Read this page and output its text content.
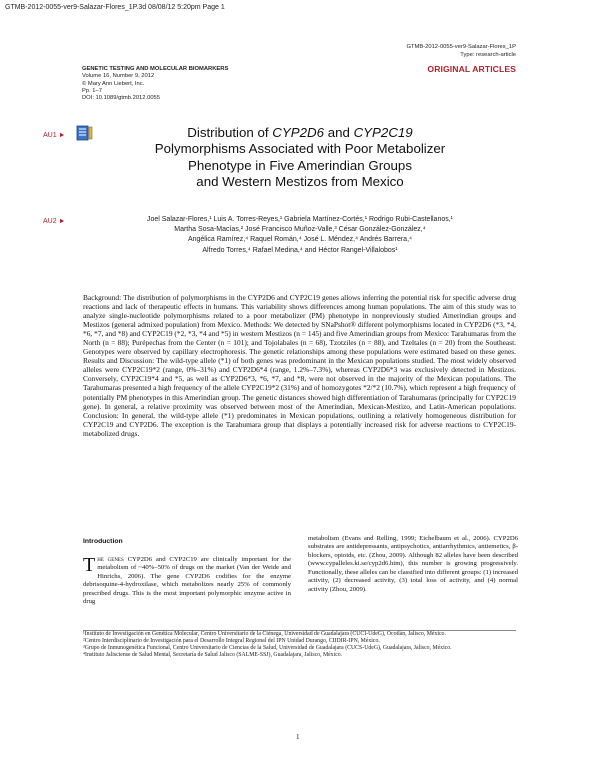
GTMB-2012-0055-ver9-Salazar-Flores_1P.3d 08/08/12 5:20pm Page 1
GTMB-2012-0055-ver9-Salazar-Flores_1P
Type: research-article
ORIGINAL ARTICLES
GENETIC TESTING AND MOLECULAR BIOMARKERS
Volume 16, Number 9, 2012
© Mary Ann Liebert, Inc.
Pp. 1–7
DOI: 10.1089/gtmb.2012.0055
AU1 ►	Distribution of CYP2D6 and CYP2C19
Polymorphisms Associated with Poor Metabolizer
Phenotype in Five Amerindian Groups
and Western Mestizos from Mexico
AU2 ►	Joel Salazar-Flores,¹ Luis A. Torres-Reyes,¹ Gabriela Martínez-Cortés,¹ Rodrigo Rubi-Castellanos,¹
Martha Sosa-Macías,² José Francisco Muñoz-Valle,³ César González-González,⁴
Angélica Ramírez,⁴ Raquel Román,⁴ José L. Méndez,⁴ Andrés Barrera,⁴
Alfredo Torres,⁴ Rafael Medina,⁴ and Héctor Rangel-Villalobos¹
Background: The distribution of polymorphisms in the CYP2D6 and CYP2C19 genes allows inferring the potential risk for specific adverse drug reactions and lack of therapeutic effects in humans. This variability shows differences among human populations. The aim of this study was to analyze single-nucleotide polymorphisms related to a poor metabolizer (PM) phenotype in nonpreviously studied Amerindian groups and Mestizos (general admixed population) from Mexico. Methods: We detected by SNaPshot® different polymorphisms located in CYP2D6 (*3, *4, *6, *7, and *8) and CYP2C19 (*2, *3, *4 and *5) in western Mestizos (n = 145) and five Amerindian groups from Mexico: Tarahumaras from the North (n = 88); Purépechas from the Center (n = 101); and Tojolabales (n = 68), Tzotziles (n = 88), and Tzeltales (n = 20) from the Southeast. Genotypes were observed by capillary electrophoresis. The genetic relationships among these populations were estimated based on these genes. Results and Discussion: The wild-type allele (*1) of both genes was predominant in the Mexican populations studied. The most widely observed alleles were CYP2C19*2 (range, 0%–31%) and CYP2D6*4 (range, 1.2%–7.3%), whereas CYP2D6*3 was exclusively detected in Mestizos. Conversely, CYP2C19*4 and *5, as well as CYP2D6*3, *6, *7, and *8, were not observed in the majority of the Mexican populations. The Tarahumaras presented a high frequency of the allele CYP2C19*2 (31%) and of homozygotes *2/*2 (10.7%), which represent a high frequency of potentially PM phenotypes in this Amerindian group. The genetic distances showed high differentiation of Tarahumaras (principally for CYP2C19 gene). In general, a relative proximity was observed between most of the Amerindian, Mexican-Mestizo, and Latin-American populations. Conclusion: In general, the wild-type allele (*1) predominates in Mexican populations, outlining a relatively homogeneous distribution for CYP2C19 and CYP2D6. The exception is the Tarahumara group that displays a potentially increased risk for adverse reactions to CYP2C19-metabolized drugs.
Introduction
The genes CYP2D6 and CYP2C19 are clinically important for the metabolism of ~40%–50% of drugs on the market (Van der Weide and Hinrichs, 2006). The gene CYP2D6 codifies for the enzyme debrisoquine-4-hydroxilase, which metabolizes nearly 25% of commonly prescribed drugs. This is the most important polymorphic enzyme active in drug
metabolism (Evans and Relling, 1999; Eichelbaum et al., 2006). CYP2D6 substrates are antidepressants, antipsychotics, antiarrhythmics, antiemetics, β-blockers, opioids, etc. (Zhou, 2009). Although 82 alleles have been described (www.cypalleles.ki.se/cyp2d6.htm), this number is growing progressively. Functionally, these alleles can be classified into different groups: (1) increased activity, (2) decreased activity, (3) total loss of activity, and (4) normal activity (Zhou, 2009).
¹Instituto de Investigación en Genética Molecular, Centro Universitario de la Ciénega, Universidad de Guadalajara (CUCI-UdeG), Ocotlán, Jalisco, México.
²Centro Interdisciplinario de Investigación para el Desarrollo Integral Regional del IPN Unidad Durango, CIIDIR-IPN, México.
³Grupo de Inmunogenética Funcional, Centro Universitario de Ciencias de la Salud, Universidad de Guadalajara (CUCS-UdeG), Guadalajara, Jalisco, México.
⁴Instituto Jalisciense de Salud Mental, Secretaría de Salud Jalisco (SALME-SSJ), Guadalajara, Jalisco, México.
1
